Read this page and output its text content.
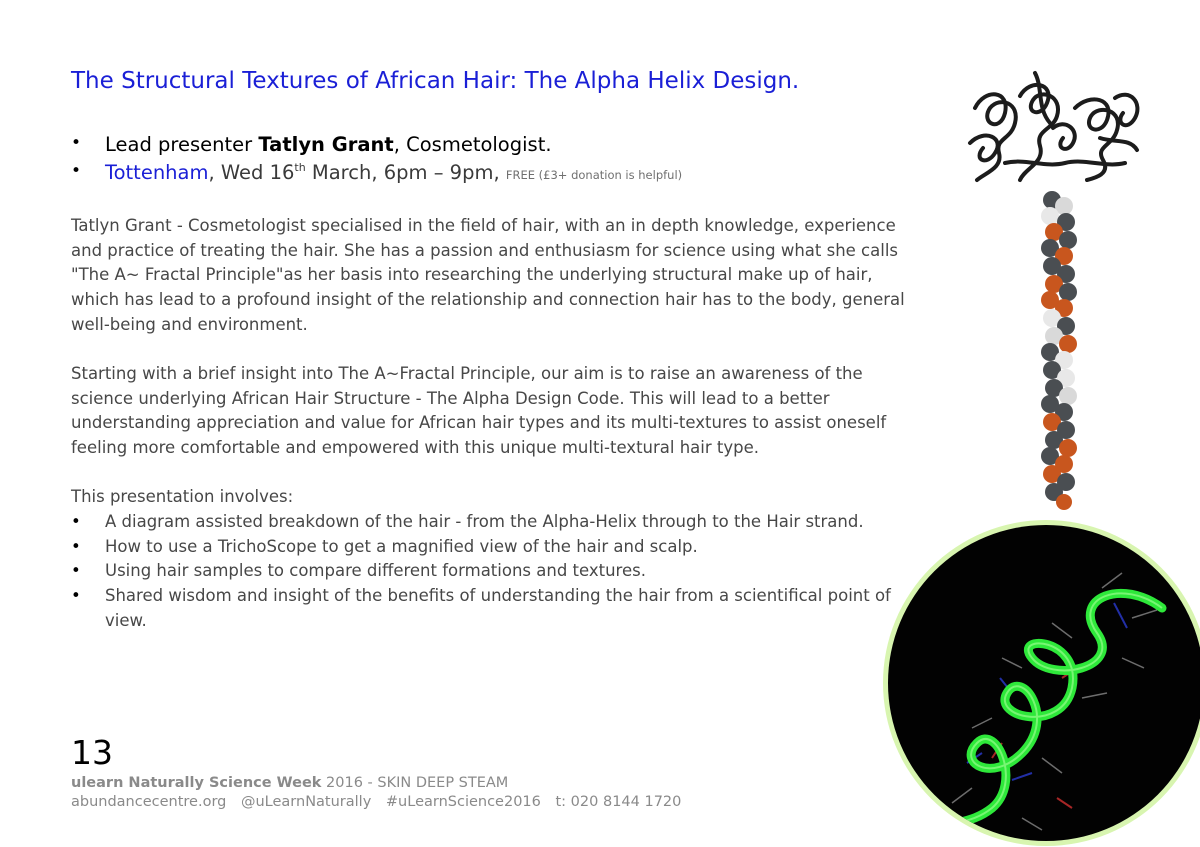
The Structural Textures of African Hair: The Alpha Helix Design.
• Lead presenter Tatlyn Grant, Cosmetologist.
• Tottenham, Wed 16th March, 6pm – 9pm, FREE (£3+ donation is helpful)

Tatlyn Grant - Cosmetologist specialised in the field of hair, with an in depth knowledge, experience and practice of treating the hair. She has a passion and enthusiasm for science using what she calls "The A~ Fractal Principle"as her basis into researching the underlying structural make up of hair, which has lead to a profound insight of the relationship and connection hair has to the body, general well-being and environment.

Starting with a brief insight into The A~Fractal Principle, our aim is to raise an awareness of the science underlying African Hair Structure - The Alpha Design Code. This will lead to a better understanding appreciation and value for African hair types and its multi-textures to assist oneself feeling more comfortable and empowered with this unique multi-textural hair type.

This presentation involves:

• A diagram assisted breakdown of the hair - from the Alpha-Helix through to the Hair strand.
• How to use a TrichoScope to get a magnified view of the hair and scalp.
• Using hair samples to compare different formations and textures.
• Shared wisdom and insight of the benefits of understanding the hair from a scientifical point of view.
13
ulearn Naturally Science Week 2016 - SKIN DEEP STEAM
abundancecentre.org @uLearnNaturally #uLearnScience2016 t: 020 8144 1720
